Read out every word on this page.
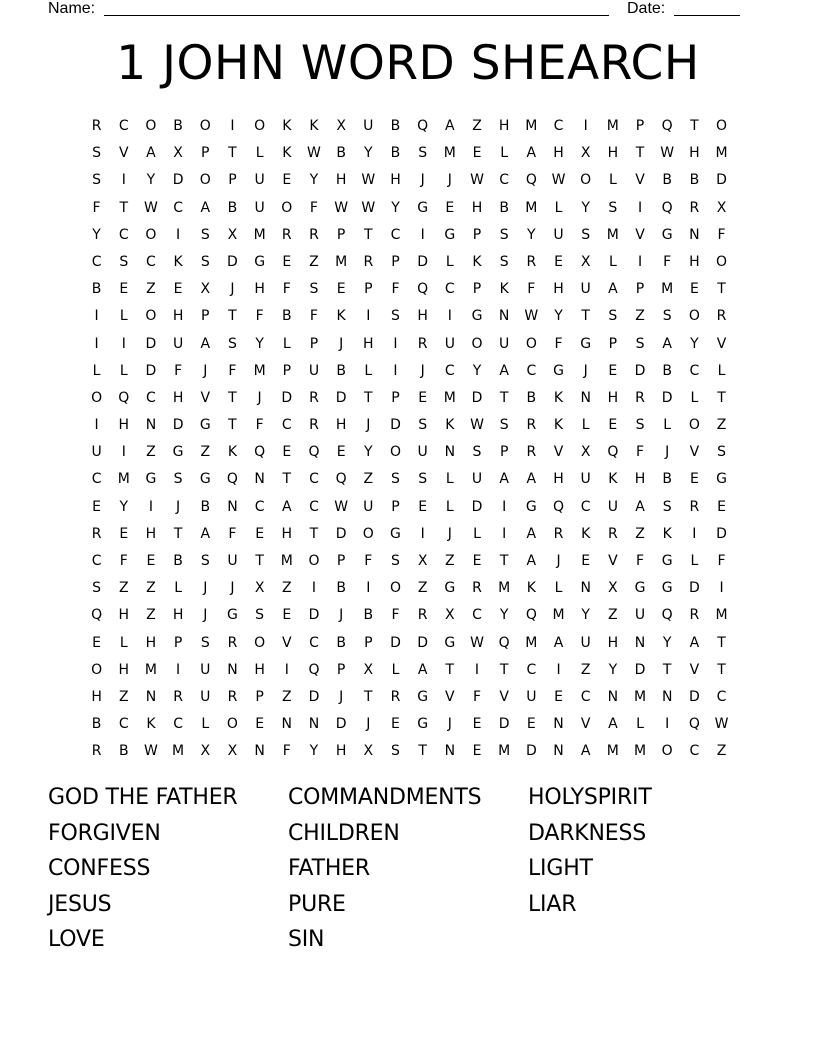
Name:	Date:
1 JOHN WORD SHEARCH
R	C	O	B	O	I	O	K	K	X	U	B	Q	A	Z	H	M	C	I	M	P	Q	T	O
S	V	A	X	P	T	L	K	W	B	Y	B	S	M	E	L	A	H	X	H	T	W	H	M
S	I	Y	D	O	P	U	E	Y	H	W	H	J	J	W	C	Q	W	O	L	V	B	B	D
F	T	W	C	A	B	U	O	F	W W	Y	G	E	H	B	M	L	Y	S	I	Q	R	X
Y	C	O	I	S	X	M	R	R	P	T	C	I	G	P	S	Y	U	S	M	V	G	N	F
C	S	C	K	S	D	G	E	Z	M	R	P	D	L	K	S	R	E	X	L	I	F	H	O
B	E	Z	E	X	J	H	F	S	E	P	F	Q	C	P	K	F	H	U	A	P	M	E	T
I	L	O	H	P	T	F	B	F	K	I	S	H	I	G	N	W	Y	T	S	Z	S	O	R
I	I	D	U	A	S	Y	L	P	J	H	I	R	U	O	U	O	F	G	P	S	A	Y	V
L	L	D	F	J	F	M	P	U	B	L	I	J	C	Y	A	C	G	J	E	D	B	C	L
O	Q	C	H	V	T	J	D	R	D	T	P	E	M	D	T	B	K	N	H	R	D	L	T
I	H	N	D	G	T	F	C	R	H	J	D	S	K	W	S	R	K	L	E	S	L	O	Z
U	I	Z	G	Z	K	Q	E	Q	E	Y	O	U	N	S	P	R	V	X	Q	F	J	V	S
C	M	G	S	G	Q	N	T	C	Q	Z	S	S	L	U	A	A	H	U	K	H	B	E	G
E	Y	I	J	B	N	C	A	C	W	U	P	E	L	D	I	G	Q	C	U	A	S	R	E
R	E	H	T	A	F	E	H	T	D	O	G	I	J	L	I	A	R	K	R	Z	K	I	D
C	F	E	B	S	U	T	M	O	P	F	S	X	Z	E	T	A	J	E	V	F	G	L	F
S	Z	Z	L	J	J	X	Z	I	B	I	O	Z	G	R	M	K	L	N	X	G	G	D	I
Q	H	Z	H	J	G	S	E	D	J	B	F	R	X	C	Y	Q	M	Y	Z	U	Q	R	M
E	L	H	P	S	R	O	V	C	B	P	D	D	G	W	Q	M	A	U	H	N	Y	A	T
O	H	M	I	U	N	H	I	Q	P	X	L	A	T	I	T	C	I	Z	Y	D	T	V	T
H	Z	N	R	U	R	P	Z	D	J	T	R	G	V	F	V	U	E	C	N	M	N	D	C
B	C	K	C	L	O	E	N	N	D	J	E	G	J	E	D	E	N	V	A	L	I	Q	W
R	B	W	M	X	X	N	F	Y	H	X	S	T	N	E	M	D	N	A	M	M	O	C	Z
GOD THE FATHER
FORGIVEN
CONFESS
JESUS
LOVE
COMMANDMENTS
CHILDREN
FATHER
PURE
SIN
HOLYSPIRIT
DARKNESS
LIGHT
LIAR
